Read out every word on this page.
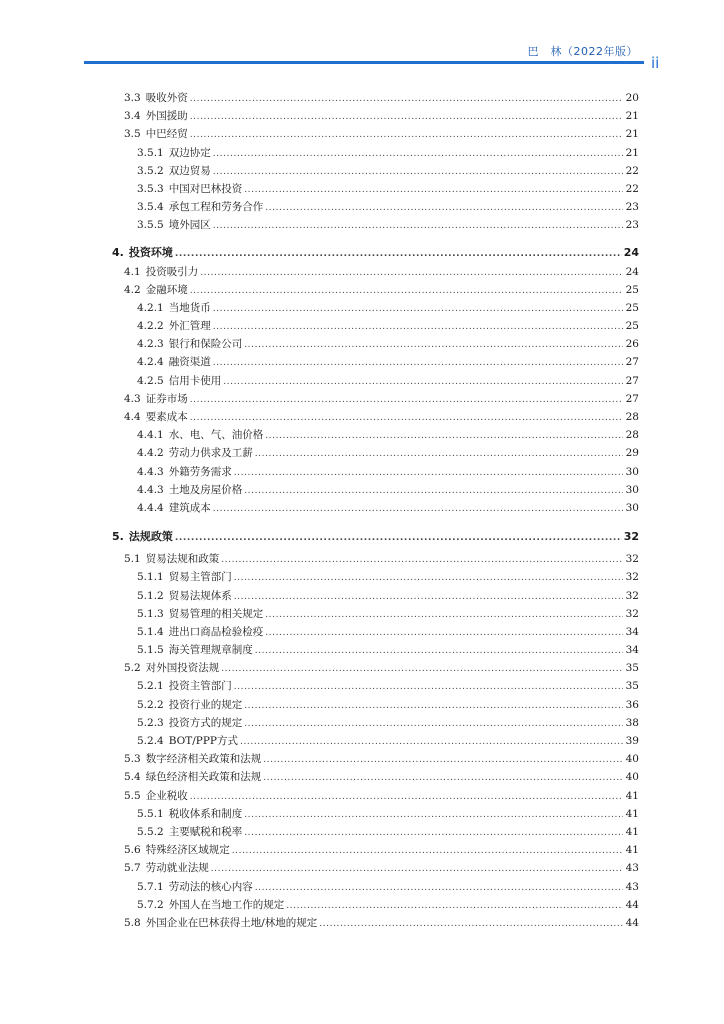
巴　林（2022年版）
ii
3.3 吸收外资 .....	20
3.4 外国援助 .....	21
3.5 中巴经贸 .....	21
3.5.1 双边协定 .....	21
3.5.2 双边贸易 .....	22
3.5.3 中国对巴林投资 .....	22
3.5.4 承包工程和劳务合作 .....	23
3.5.5 境外园区 .....	23
4. 投资环境 .....	24
4.1 投资吸引力 .....	24
4.2 金融环境 .....	25
4.2.1 当地货币 .....	25
4.2.2 外汇管理 .....	25
4.2.3 银行和保险公司 .....	26
4.2.4 融资渠道 .....	27
4.2.5 信用卡使用 .....	27
4.3 证券市场 .....	27
4.4 要素成本 .....	28
4.4.1 水、电、气、油价格 .....	28
4.4.2 劳动力供求及工薪 .....	29
4.4.3 外籍劳务需求 .....	30
4.4.3 土地及房屋价格 .....	30
4.4.4 建筑成本 .....	30
5. 法规政策 .....	32
5.1 贸易法规和政策 .....	32
5.1.1 贸易主管部门 .....	32
5.1.2 贸易法规体系 .....	32
5.1.3 贸易管理的相关规定 .....	32
5.1.4 进出口商品检验检疫 .....	34
5.1.5 海关管理规章制度 .....	34
5.2 对外国投资法规 .....	35
5.2.1 投资主管部门 .....	35
5.2.2 投资行业的规定 .....	36
5.2.3 投资方式的规定 .....	38
5.2.4 BOT/PPP方式 .....	39
5.3 数字经济相关政策和法规 .....	40
5.4 绿色经济相关政策和法规 .....	40
5.5 企业税收 .....	41
5.5.1 税收体系和制度 .....	41
5.5.2 主要赋税和税率 .....	41
5.6 特殊经济区域规定 .....	41
5.7 劳动就业法规 .....	43
5.7.1 劳动法的核心内容 .....	43
5.7.2 外国人在当地工作的规定 .....	44
5.8 外国企业在巴林获得土地/林地的规定 .....	44
